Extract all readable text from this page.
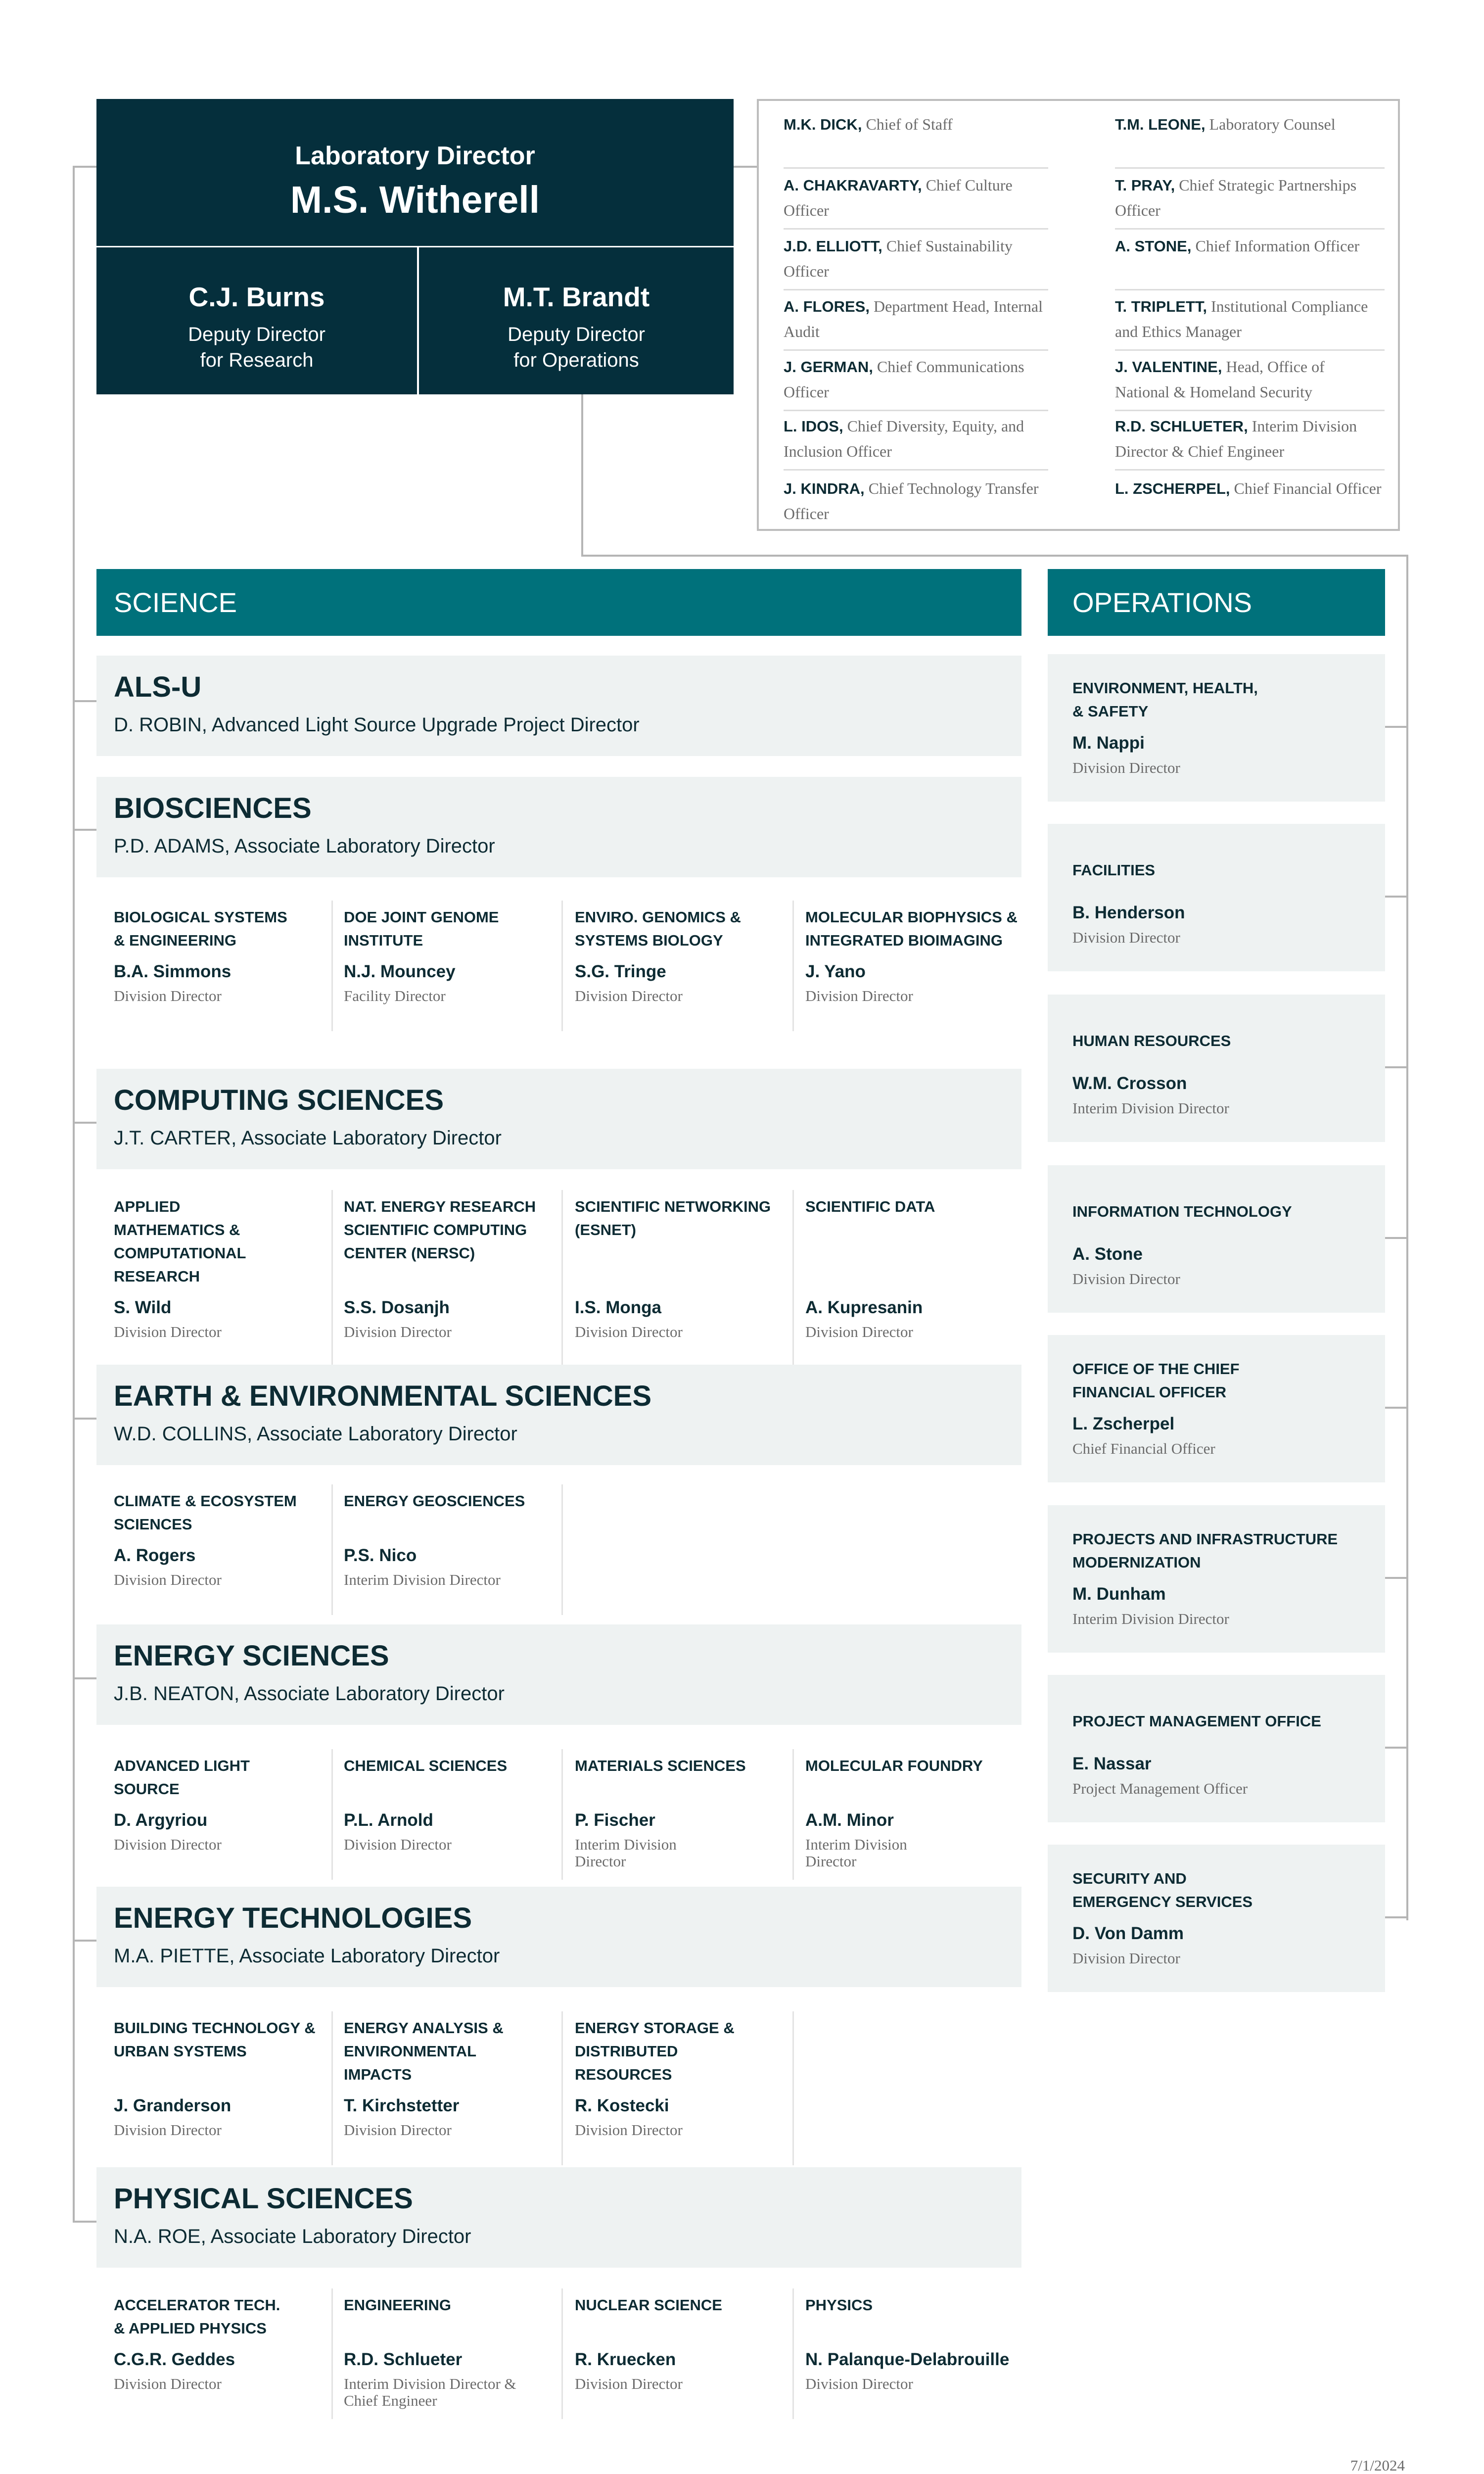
Laboratory Director
M.S. Witherell
C.J. Burns
Deputy Director
for Research
M.T. Brandt
Deputy Director
for Operations
M.K. DICK, Chief of Staff	T.M. LEONE, Laboratory Counsel
A. CHAKRAVARTY, Chief Culture Officer
T. PRAY, Chief Strategic Partnerships Officer
J.D. ELLIOTT, Chief Sustainability Officer
A. STONE, Chief Information Officer
A. FLORES, Department Head, Internal Audit
T. TRIPLETT, Institutional Compliance and Ethics Manager
J. GERMAN, Chief Communications Officer
J. VALENTINE, Head, Office of National & Homeland Security
L. IDOS, Chief Diversity, Equity, and Inclusion Officer
R.D. SCHLUETER, Interim Division Director & Chief Engineer
J. KINDRA, Chief Technology Transfer Officer
L. ZSCHERPEL, Chief Financial Officer
SCIENCE	OPERATIONS
ALS-U
D. ROBIN, Advanced Light Source Upgrade Project Director
BIOSCIENCES
P.D. ADAMS, Associate Laboratory Director
BIOLOGICAL SYSTEMS
& ENGINEERING
B.A. Simmons
Division Director
DOE JOINT GENOME
INSTITUTE
N.J. Mouncey
Facility Director
ENVIRO. GENOMICS &
SYSTEMS BIOLOGY
S.G. Tringe
Division Director
MOLECULAR BIOPHYSICS &
INTEGRATED BIOIMAGING
J. Yano
Division Director
COMPUTING SCIENCES
J.T. CARTER, Associate Laboratory Director
APPLIED
MATHEMATICS &
COMPUTATIONAL
RESEARCH
S. Wild
Division Director
NAT. ENERGY RESEARCH
SCIENTIFIC COMPUTING
CENTER (NERSC)
S.S. Dosanjh
Division Director
SCIENTIFIC NETWORKING
(ESNET)
I.S. Monga
Division Director
SCIENTIFIC DATA
A. Kupresanin
Division Director
EARTH & ENVIRONMENTAL SCIENCES
W.D. COLLINS, Associate Laboratory Director
CLIMATE & ECOSYSTEM
SCIENCES
A. Rogers
Division Director
ENERGY GEOSCIENCES
P.S. Nico
Interim Division Director
ENERGY SCIENCES
J.B. NEATON, Associate Laboratory Director
ADVANCED LIGHT
SOURCE
D. Argyriou
Division Director
CHEMICAL SCIENCES
P.L. Arnold
Division Director
MATERIALS SCIENCES
P. Fischer
Interim Division
Director
MOLECULAR FOUNDRY
A.M. Minor
Interim Division
Director
ENERGY TECHNOLOGIES
M.A. PIETTE, Associate Laboratory Director
BUILDING TECHNOLOGY &
URBAN SYSTEMS
J. Granderson
Division Director
ENERGY ANALYSIS &
ENVIRONMENTAL
IMPACTS
T. Kirchstetter
Division Director
ENERGY STORAGE &
DISTRIBUTED
RESOURCES
R. Kostecki
Division Director
PHYSICAL SCIENCES
N.A. ROE, Associate Laboratory Director
ACCELERATOR TECH.
& APPLIED PHYSICS
C.G.R. Geddes
Division Director
ENGINEERING
R.D. Schlueter
Interim Division Director &
Chief Engineer
NUCLEAR SCIENCE
R. Kruecken
Division Director
PHYSICS
N. Palanque-Delabrouille
Division Director
ENVIRONMENT, HEALTH,
& SAFETY
M. Nappi
Division Director
FACILITIES
B. Henderson
Division Director
HUMAN RESOURCES
W.M. Crosson
Interim Division Director
INFORMATION TECHNOLOGY
A. Stone
Division Director
OFFICE OF THE CHIEF
FINANCIAL OFFICER
L. Zscherpel
Chief Financial Officer
PROJECTS AND INFRASTRUCTURE
MODERNIZATION
M. Dunham
Interim Division Director
PROJECT MANAGEMENT OFFICE
E. Nassar
Project Management Officer
SECURITY AND
EMERGENCY SERVICES
D. Von Damm
Division Director
7/1/2024
